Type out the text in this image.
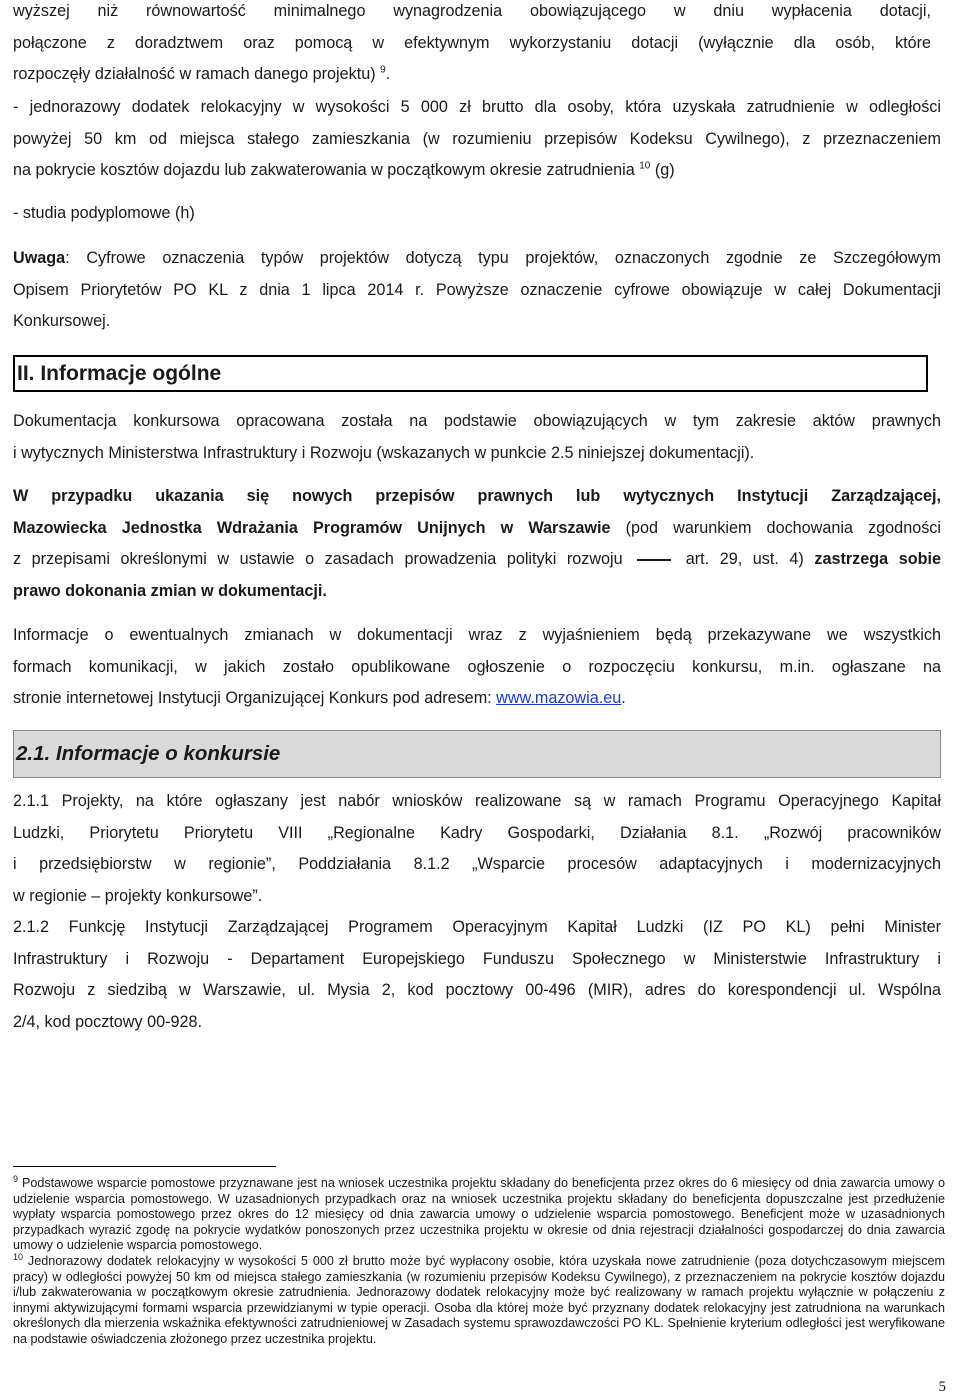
wyższej niż równowartość minimalnego wynagrodzenia obowiązującego w dniu wypłacenia dotacji,

połączone z doradztwem oraz pomocą w efektywnym wykorzystaniu dotacji (wyłącznie dla osób, które

rozpoczęły działalność w ramach danego projektu) $^9$.

- jednorazowy dodatek relokacyjny w wysokości 5 000 zł brutto dla osoby, która uzyskała zatrudnienie w odległości

powyżej 50 km od miejsca stałego zamieszkania (w rozumieniu przepisów Kodeksu Cywilnego), z przeznaczeniem

na pokrycie kosztów dojazdu lub zakwaterowania w początkowym okresie zatrudnienia $^{10}$ (g)

- studia podyplomowe (h)

Uwaga: Cyfrowe oznaczenia typów projektów dotyczą typu projektów, oznaczonych zgodnie ze Szczegółowym

Opisem Priorytetów PO KL z dnia 1 lipca 2014 r. Powyższe oznaczenie cyfrowe obowiązuje w całej Dokumentacji

Konkursowej.

II. Informacje ogólne

Dokumentacja konkursowa opracowana została na podstawie obowiązujących w tym zakresie aktów prawnych

i wytycznych Ministerstwa Infrastruktury i Rozwoju (wskazanych w punkcie 2.5 niniejszej dokumentacji).

W przypadku ukazania się nowych przepisów prawnych lub wytycznych Instytucji Zarządzającej,

Mazowiecka Jednostka Wdrażania Programów Unijnych w Warszawie (pod warunkiem dochowania zgodności

z przepisami określonymi w ustawie o zasadach prowadzenia polityki rozwoju	art. 29, ust. 4) zastrzega sobie

prawo dokonania zmian w dokumentacji.

Informacje o ewentualnych zmianach w dokumentacji wraz z wyjaśnieniem będą przekazywane we wszystkich

formach komunikacji, w jakich zostało opublikowane ogłoszenie o rozpoczęciu konkursu, m.in. ogłaszane na

stronie internetowej Instytucji Organizującej Konkurs pod adresem: www.mazowia.eu.

2.1. Informacje o konkursie

2.1.1 Projekty, na które ogłaszany jest nabór wniosków realizowane są w ramach Programu Operacyjnego Kapitał

Ludzki, Priorytetu Priorytetu VIII „Regionalne Kadry Gospodarki, Działania 8.1. „Rozwój pracowników

i przedsiębiorstw w regionie”, Poddziałania 8.1.2 „Wsparcie procesów adaptacyjnych i modernizacyjnych

w regionie – projekty konkursowe”.

2.1.2 Funkcję Instytucji Zarządzającej Programem Operacyjnym Kapitał Ludzki (IZ PO KL) pełni Minister

Infrastruktury i Rozwoju - Departament Europejskiego Funduszu Społecznego w Ministerstwie Infrastruktury i

Rozwoju z siedzibą w Warszawie, ul. Mysia 2, kod pocztowy 00-496 (MIR), adres do korespondencji ul. Wspólna

2/4, kod pocztowy 00-928.

$^9$ Podstawowe wsparcie pomostowe przyznawane jest na wniosek uczestnika projektu składany do beneficjenta przez okres do 6 miesięcy od dnia zawarcia umowy o udzielenie wsparcia pomostowego. W uzasadnionych przypadkach oraz na wniosek uczestnika projektu składany do beneficjenta dopuszczalne jest przedłużenie wypłaty wsparcia pomostowego przez okres do 12 miesięcy od dnia zawarcia umowy o udzielenie wsparcia pomostowego. Beneficjent może w uzasadnionych przypadkach wyrazić zgodę na pokrycie wydatków ponoszonych przez uczestnika projektu w okresie od dnia rejestracji działalności gospodarczej do dnia zawarcia umowy o udzielenie wsparcia pomostowego.

$^{10}$ Jednorazowy dodatek relokacyjny w wysokości 5 000 zł brutto może być wypłacony osobie, która uzyskała nowe zatrudnienie (poza dotychczasowym miejscem pracy) w odległości powyżej 50 km od miejsca stałego zamieszkania (w rozumieniu przepisów Kodeksu Cywilnego), z przeznaczeniem na pokrycie kosztów dojazdu i/lub zakwaterowania w początkowym okresie zatrudnienia. Jednorazowy dodatek relokacyjny może być realizowany w ramach projektu wyłącznie w połączeniu z innymi aktywizującymi formami wsparcia przewidzianymi w typie operacji. Osoba dla której może być przyznany dodatek relokacyjny jest zatrudniona na warunkach określonych dla mierzenia wskaźnika efektywności zatrudnieniowej w Zasadach systemu sprawozdawczości PO KL. Spełnienie kryterium odległości jest weryfikowane na podstawie oświadczenia złożonego przez uczestnika projektu.

5
